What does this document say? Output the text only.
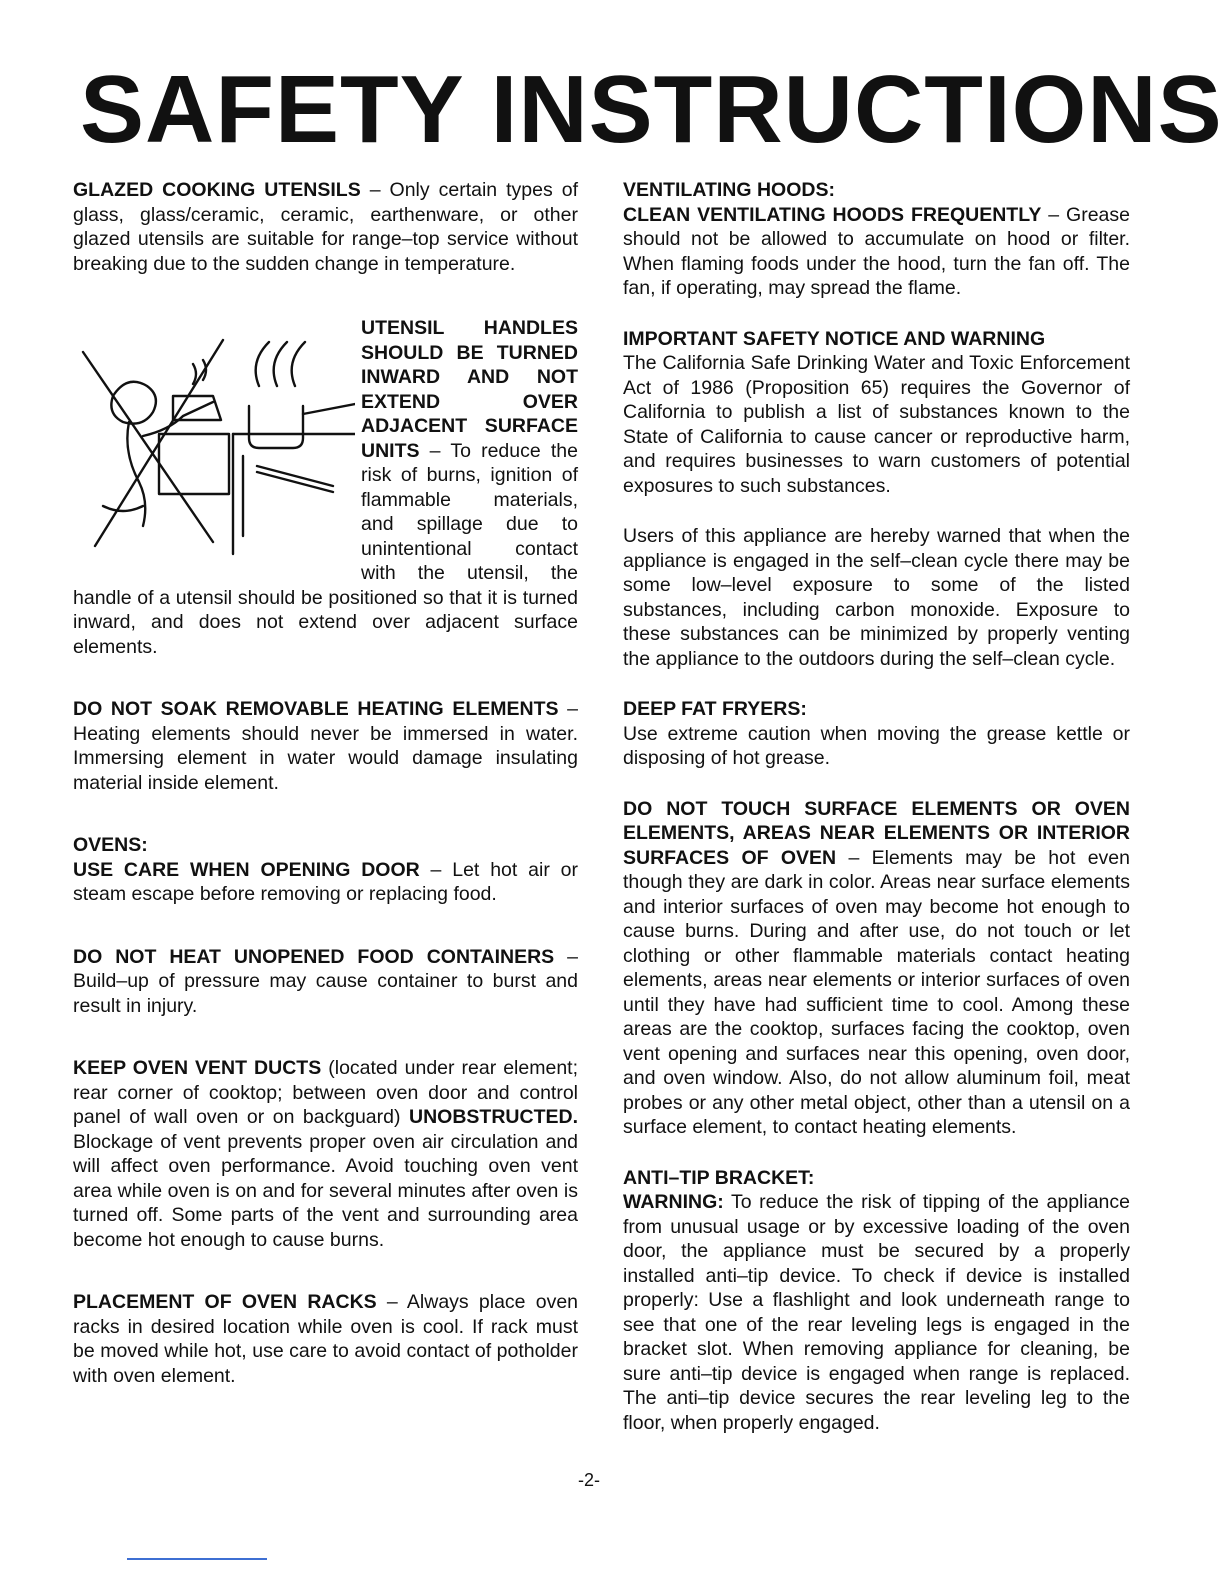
SAFETY INSTRUCTIONS

GLAZED COOKING UTENSILS – Only certain types of glass, glass/ceramic, ceramic, earthenware, or other glazed utensils are suitable for range–top service without breaking due to the sudden change in temperature.

UTENSIL HANDLES SHOULD BE TURNED INWARD AND NOT EXTEND OVER ADJACENT SURFACE UNITS – To reduce the risk of burns, ignition of flammable materials, and spillage due to unintentional contact with the utensil, the handle of a utensil should be positioned so that it is turned inward, and does not extend over adjacent surface elements.

DO NOT SOAK REMOVABLE HEATING ELEMENTS – Heating elements should never be immersed in water. Immersing element in water would damage insulating material inside element.

OVENS:
USE CARE WHEN OPENING DOOR – Let hot air or steam escape before removing or replacing food.

DO NOT HEAT UNOPENED FOOD CONTAINERS – Build–up of pressure may cause container to burst and result in injury.

KEEP OVEN VENT DUCTS (located under rear element; rear corner of cooktop; between oven door and control panel of wall oven or on backguard) UNOBSTRUCTED. Blockage of vent prevents proper oven air circulation and will affect oven performance. Avoid touching oven vent area while oven is on and for several minutes after oven is turned off. Some parts of the vent and surrounding area become hot enough to cause burns.

PLACEMENT OF OVEN RACKS – Always place oven racks in desired location while oven is cool. If rack must be moved while hot, use care to avoid contact of potholder with oven element.

VENTILATING HOODS:
CLEAN VENTILATING HOODS FREQUENTLY – Grease should not be allowed to accumulate on hood or filter. When flaming foods under the hood, turn the fan off. The fan, if operating, may spread the flame.

IMPORTANT SAFETY NOTICE AND WARNING
The California Safe Drinking Water and Toxic Enforcement Act of 1986 (Proposition 65) requires the Governor of California to publish a list of substances known to the State of California to cause cancer or reproductive harm, and requires businesses to warn customers of potential exposures to such substances.

Users of this appliance are hereby warned that when the appliance is engaged in the self–clean cycle there may be some low–level exposure to some of the listed substances, including carbon monoxide. Exposure to these substances can be minimized by properly venting the appliance to the outdoors during the self–clean cycle.

DEEP FAT FRYERS:
Use extreme caution when moving the grease kettle or disposing of hot grease.

DO NOT TOUCH SURFACE ELEMENTS OR OVEN ELEMENTS, AREAS NEAR ELEMENTS OR INTERIOR SURFACES OF OVEN – Elements may be hot even though they are dark in color. Areas near surface elements and interior surfaces of oven may become hot enough to cause burns. During and after use, do not touch or let clothing or other flammable materials contact heating elements, areas near elements or interior surfaces of oven until they have had sufficient time to cool. Among these areas are the cooktop, surfaces facing the cooktop, oven vent opening and surfaces near this opening, oven door, and oven window. Also, do not allow aluminum foil, meat probes or any other metal object, other than a utensil on a surface element, to contact heating elements.

ANTI–TIP BRACKET:
WARNING: To reduce the risk of tipping of the appliance from unusual usage or by excessive loading of the oven door, the appliance must be secured by a properly installed anti–tip device. To check if device is installed properly: Use a flashlight and look underneath range to see that one of the rear leveling legs is engaged in the bracket slot. When removing appliance for cleaning, be sure anti–tip device is engaged when range is replaced. The anti–tip device secures the rear leveling leg to the floor, when properly engaged.

-2-
